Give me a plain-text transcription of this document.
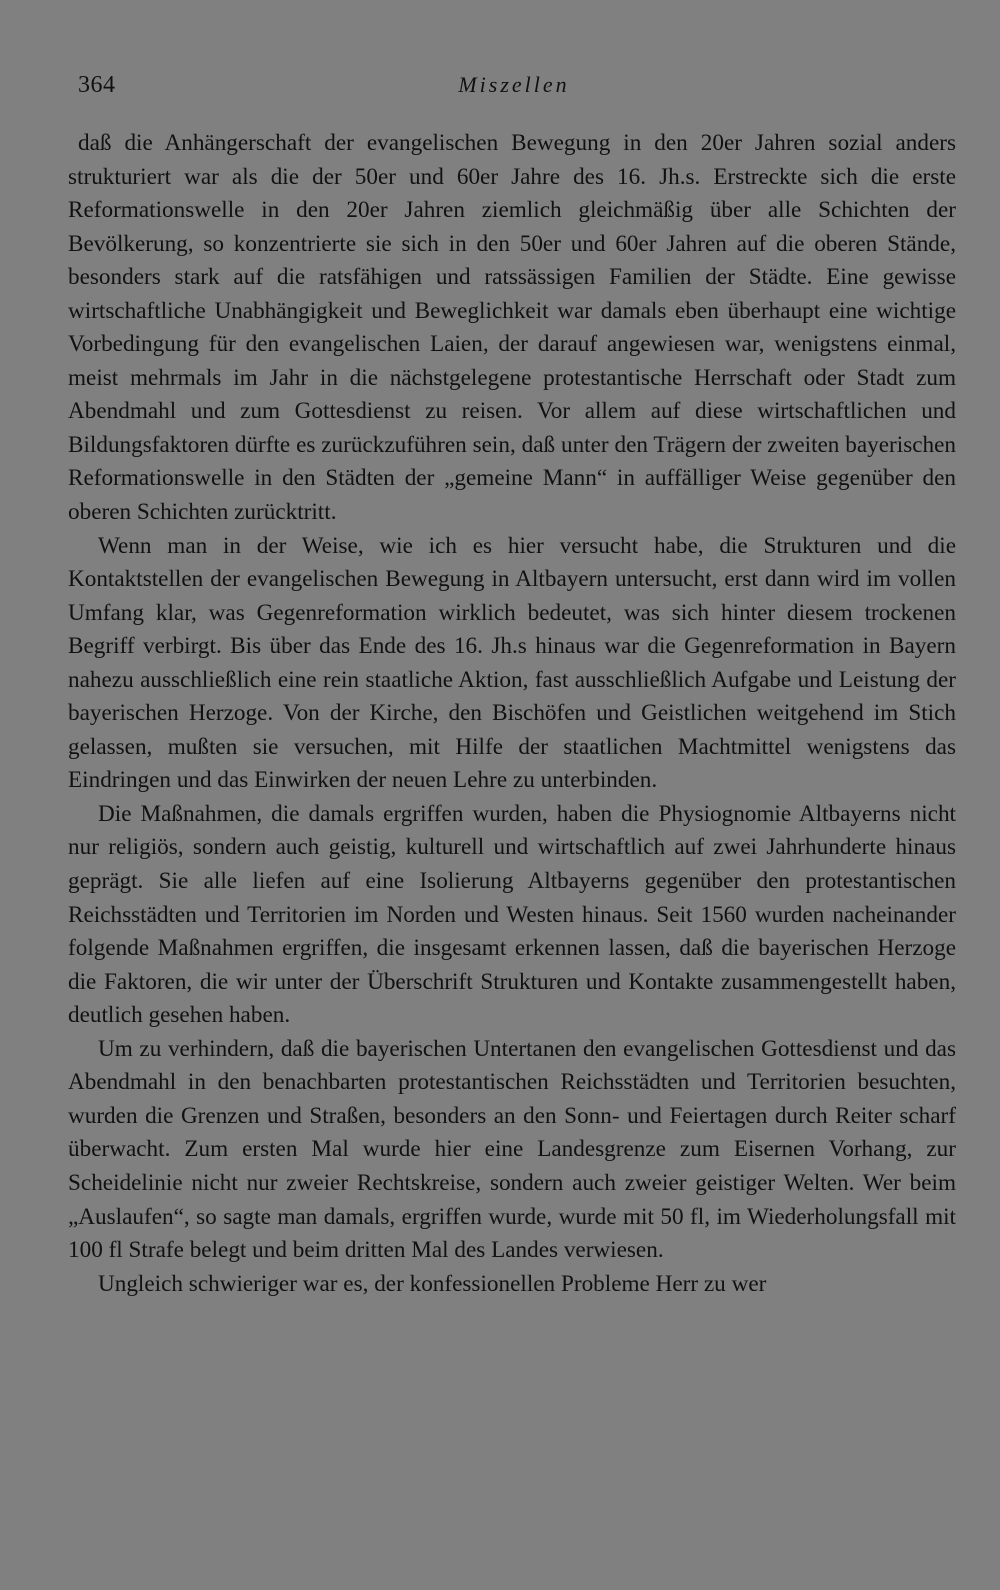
364	Miszellen

daß die Anhängerschaft der evangelischen Bewegung in den 20er Jahren sozial anders strukturiert war als die der 50er und 60er Jahre des 16. Jh.s. Erstreckte sich die erste Reformationswelle in den 20er Jahren ziemlich gleichmäßig über alle Schichten der Bevölkerung, so konzentrierte sie sich in den 50er und 60er Jahren auf die oberen Stände, besonders stark auf die ratsfähigen und ratssässigen Familien der Städte. Eine gewisse wirtschaftliche Unabhängigkeit und Beweglichkeit war damals eben überhaupt eine wichtige Vorbedingung für den evangelischen Laien, der darauf angewiesen war, wenigstens einmal, meist mehrmals im Jahr in die nächstgelegene protestantische Herrschaft oder Stadt zum Abendmahl und zum Gottesdienst zu reisen. Vor allem auf diese wirtschaftlichen und Bildungsfaktoren dürfte es zurückzuführen sein, daß unter den Trägern der zweiten bayerischen Reformationswelle in den Städten der „gemeine Mann“ in auffälliger Weise gegenüber den oberen Schichten zurücktritt.

Wenn man in der Weise, wie ich es hier versucht habe, die Strukturen und die Kontaktstellen der evangelischen Bewegung in Altbayern untersucht, erst dann wird im vollen Umfang klar, was Gegenreformation wirklich bedeutet, was sich hinter diesem trockenen Begriff verbirgt. Bis über das Ende des 16. Jh.s hinaus war die Gegenreformation in Bayern nahezu ausschließlich eine rein staatliche Aktion, fast ausschließlich Aufgabe und Leistung der bayerischen Herzoge. Von der Kirche, den Bischöfen und Geistlichen weitgehend im Stich gelassen, mußten sie versuchen, mit Hilfe der staatlichen Machtmittel wenigstens das Eindringen und das Einwirken der neuen Lehre zu unterbinden.

Die Maßnahmen, die damals ergriffen wurden, haben die Physiognomie Altbayerns nicht nur religiös, sondern auch geistig, kulturell und wirtschaftlich auf zwei Jahrhunderte hinaus geprägt. Sie alle liefen auf eine Isolierung Altbayerns gegenüber den protestantischen Reichsstädten und Territorien im Norden und Westen hinaus. Seit 1560 wurden nacheinander folgende Maßnahmen ergriffen, die insgesamt erkennen lassen, daß die bayerischen Herzoge die Faktoren, die wir unter der Überschrift Strukturen und Kontakte zusammengestellt haben, deutlich gesehen haben.

Um zu verhindern, daß die bayerischen Untertanen den evangelischen Gottesdienst und das Abendmahl in den benachbarten protestantischen Reichsstädten und Territorien besuchten, wurden die Grenzen und Straßen, besonders an den Sonn- und Feiertagen durch Reiter scharf überwacht. Zum ersten Mal wurde hier eine Landesgrenze zum Eisernen Vorhang, zur Scheidelinie nicht nur zweier Rechtskreise, sondern auch zweier geistiger Welten. Wer beim „Auslaufen“, so sagte man damals, ergriffen wurde, wurde mit 50 fl, im Wiederholungsfall mit 100 fl Strafe belegt und beim dritten Mal des Landes verwiesen.

Ungleich schwieriger war es, der konfessionellen Probleme Herr zu wer
